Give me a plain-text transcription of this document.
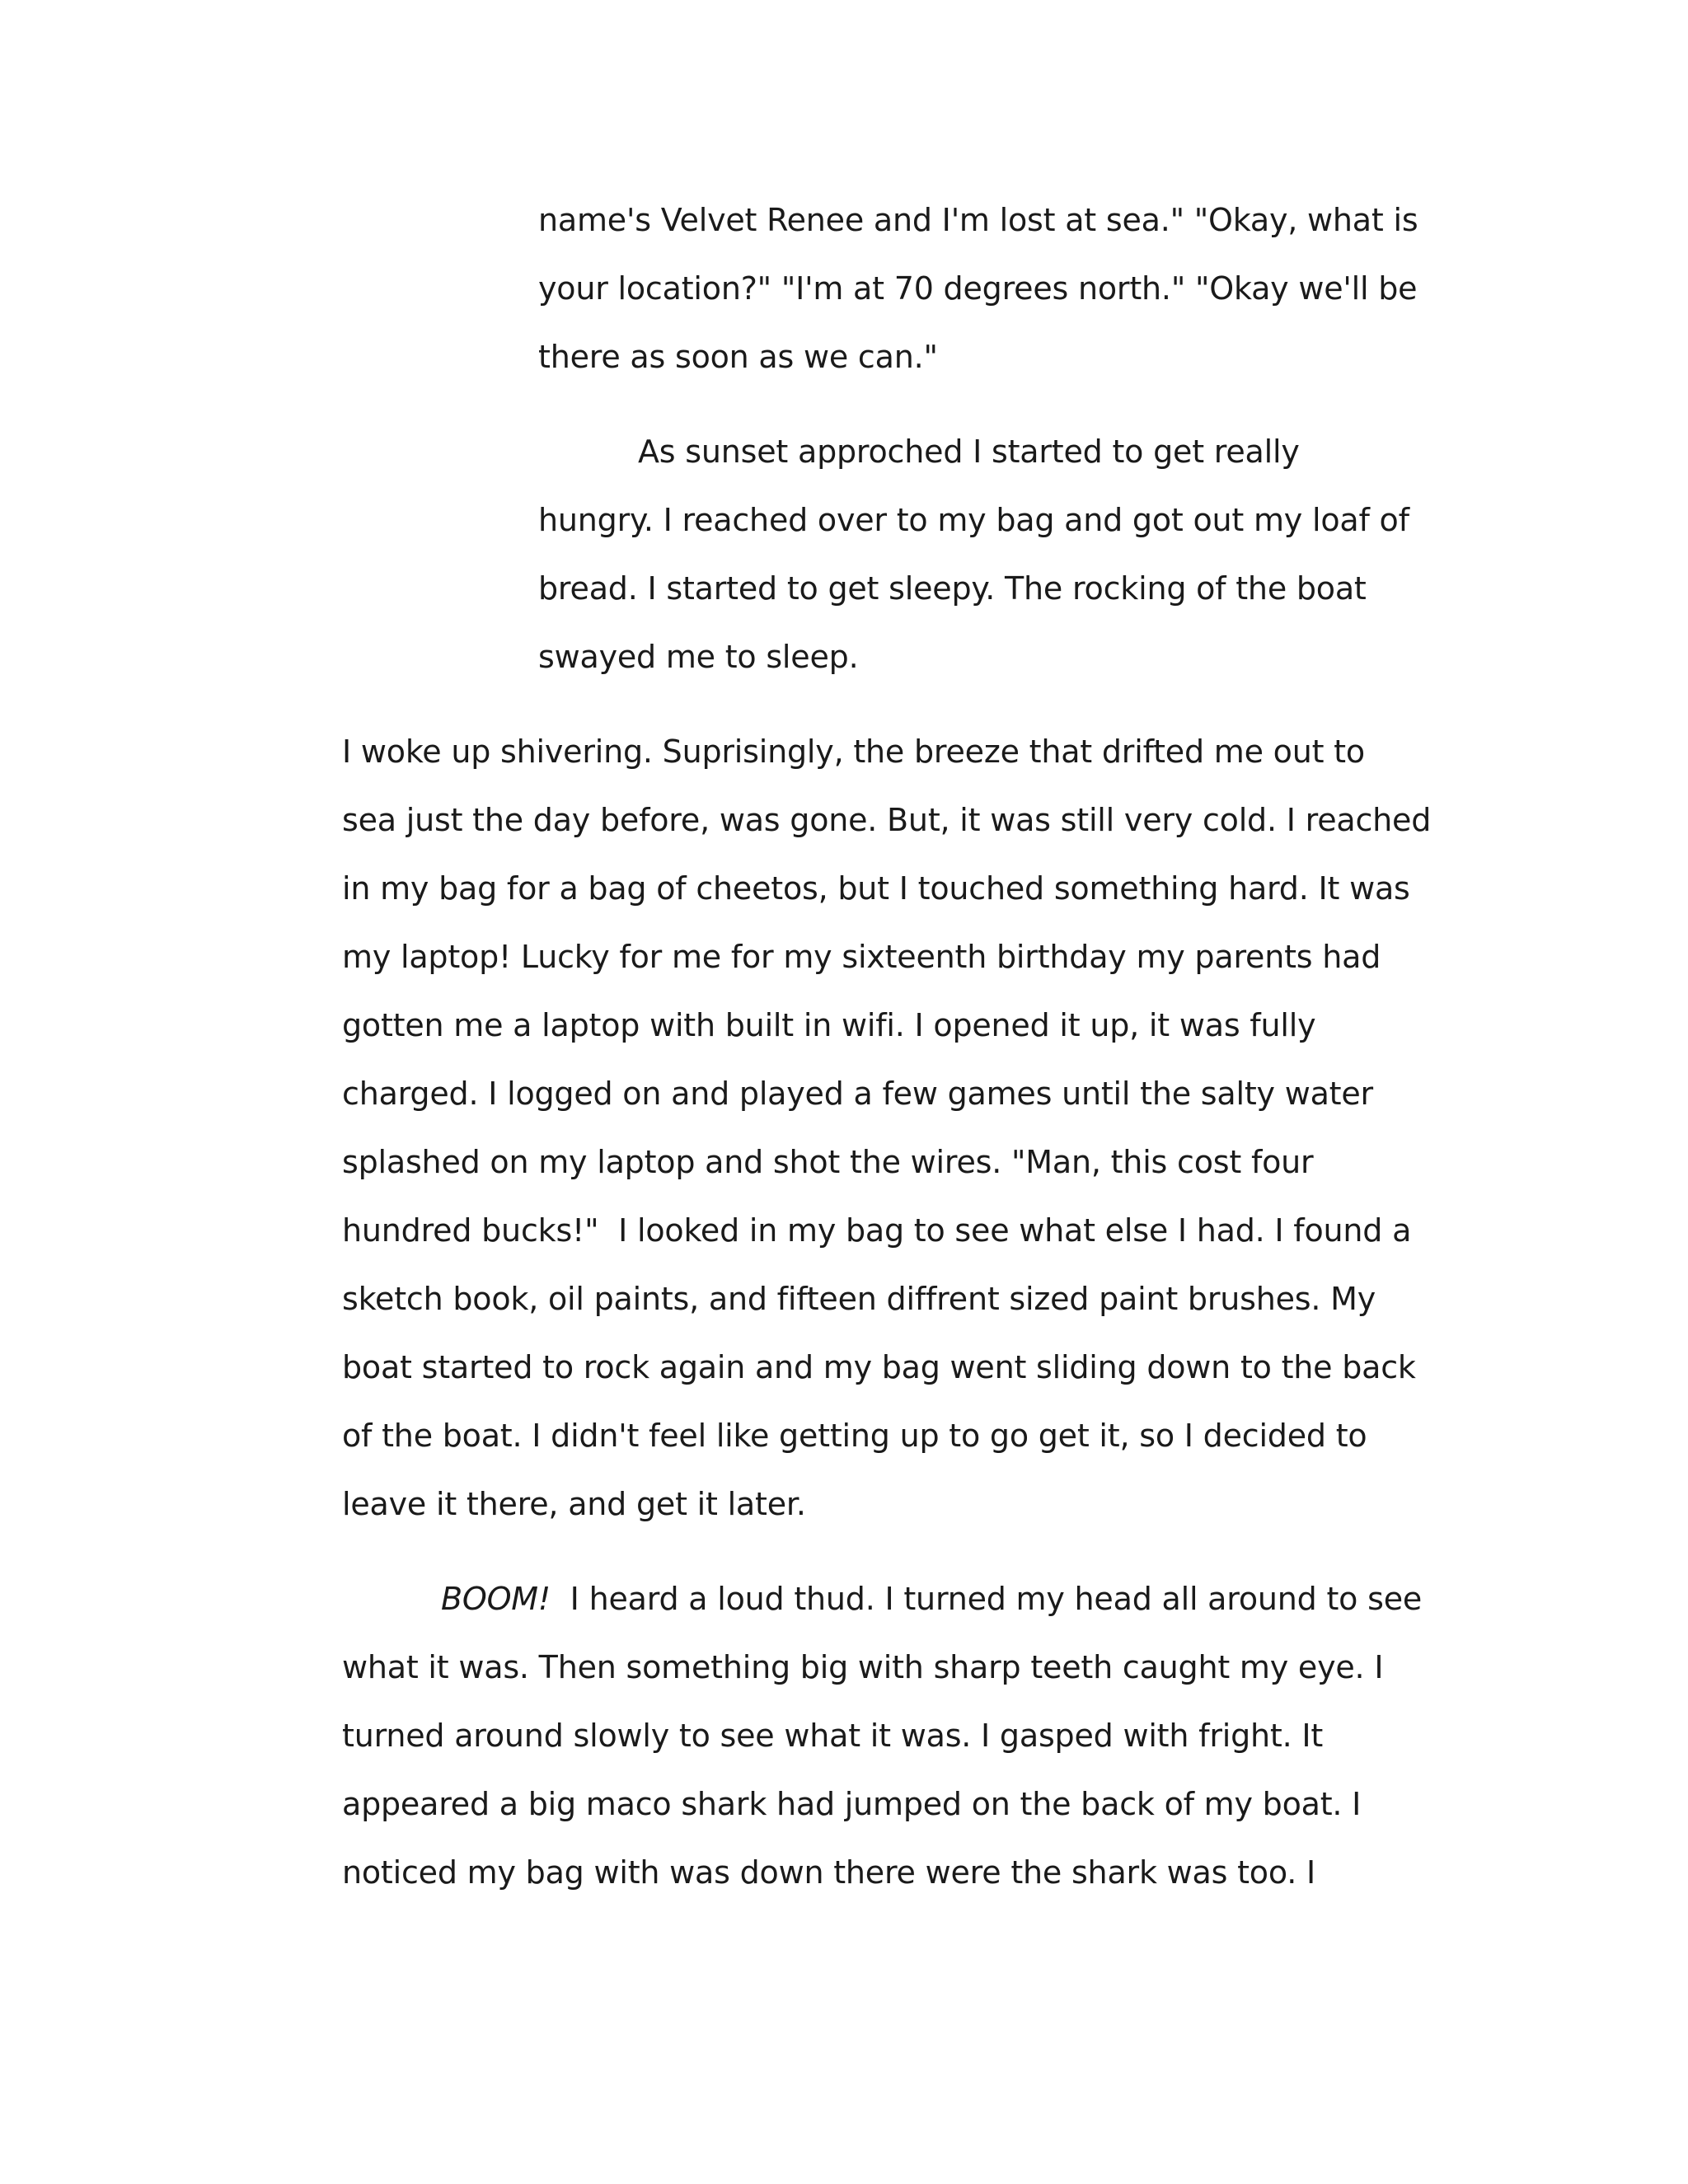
name's Velvet Renee and I'm lost at sea." "Okay, what is
your location?" "I'm at 70 degrees north." "Okay we'll be
there as soon as we can."
As sunset approched I started to get really
hungry. I reached over to my bag and got out my loaf of
bread. I started to get sleepy. The rocking of the boat
swayed me to sleep.
I woke up shivering. Suprisingly, the breeze that drifted me out to
sea just the day before, was gone. But, it was still very cold. I reached
in my bag for a bag of cheetos, but I touched something hard. It was
my laptop! Lucky for me for my sixteenth birthday my parents had
gotten me a laptop with built in wifi. I opened it up, it was fully
charged. I logged on and played a few games until the salty water
splashed on my laptop and shot the wires. "Man, this cost four
hundred bucks!"  I looked in my bag to see what else I had. I found a
sketch book, oil paints, and fifteen diffrent sized paint brushes. My
boat started to rock again and my bag went sliding down to the back
of the boat. I didn't feel like getting up to go get it, so I decided to
leave it there, and get it later.
BOOM!  I heard a loud thud. I turned my head all around to see
what it was. Then something big with sharp teeth caught my eye. I
turned around slowly to see what it was. I gasped with fright. It
appeared a big maco shark had jumped on the back of my boat. I
noticed my bag with was down there were the shark was too. I
